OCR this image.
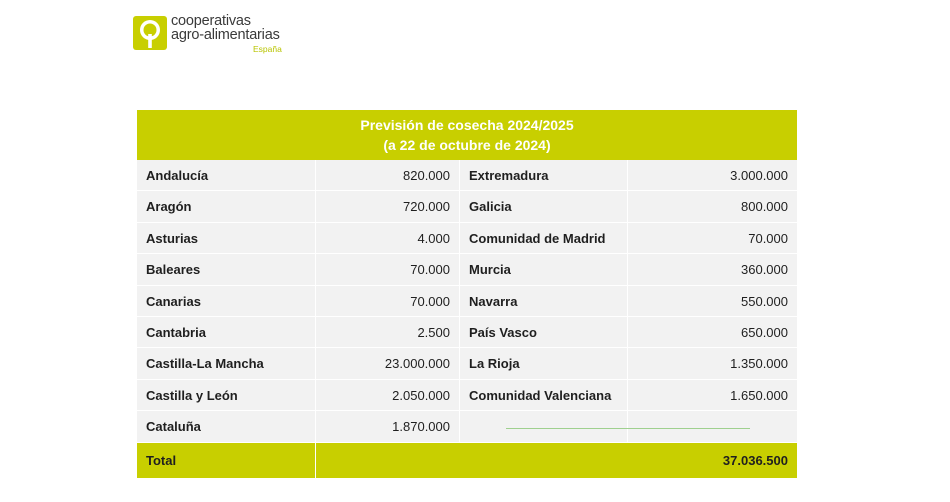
cooperativas
agro-alimentarias
España
Previsión de cosecha 2024/2025
(a 22 de octubre de 2024)
Andalucía	820.000	Extremadura	3.000.000
Aragón	720.000	Galicia	800.000
Asturias	4.000	Comunidad de Madrid	70.000
Baleares	70.000	Murcia	360.000
Canarias	70.000	Navarra	550.000
Cantabria	2.500	País Vasco	650.000
Castilla-La Mancha	23.000.000	La Rioja	1.350.000
Castilla y León	2.050.000	Comunidad Valenciana	1.650.000
Cataluña	1.870.000
Total	37.036.500
